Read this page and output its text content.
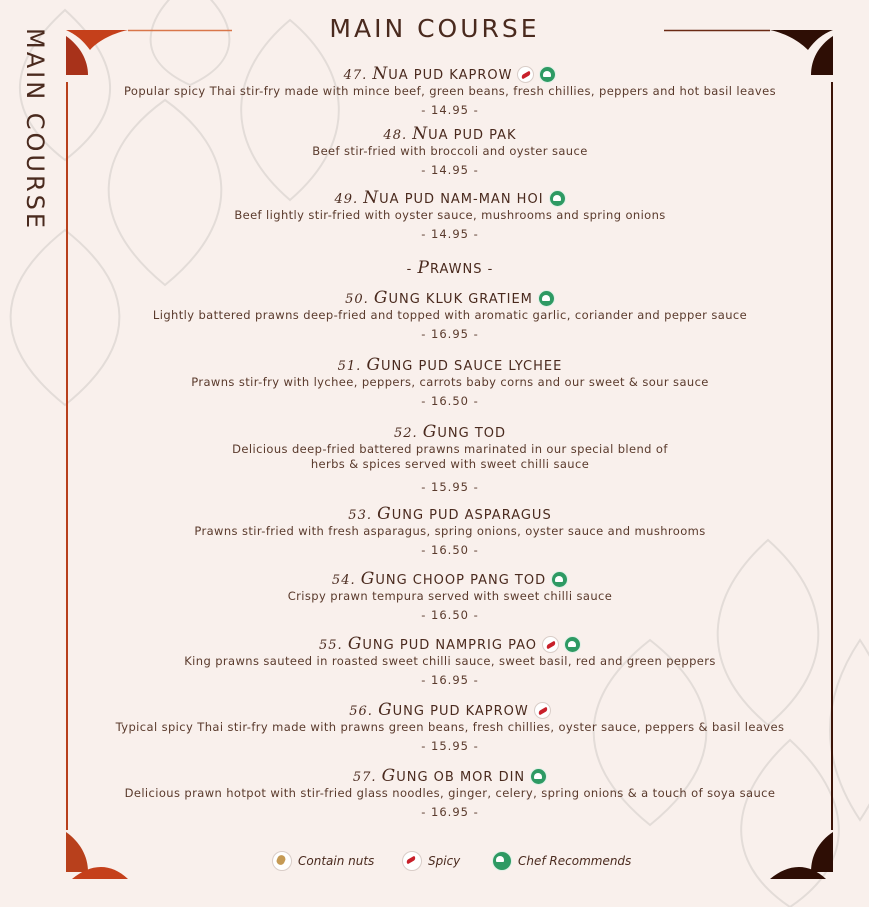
MAIN COURSE	MAIN COURSE
47. NUA PUD KAPROW
Popular spicy Thai stir-fry made with mince beef, green beans, fresh chillies, peppers and hot basil leaves
- 14.95 -
48. NUA PUD PAK
Beef stir-fried with broccoli and oyster sauce
- 14.95 -
49. NUA PUD NAM-MAN HOI
Beef lightly stir-fried with oyster sauce, mushrooms and spring onions
- 14.95 -
50. GUNG KLUK GRATIEM
Lightly battered prawns deep-fried and topped with aromatic garlic, coriander and pepper sauce
- 16.95 -
51. GUNG PUD SAUCE LYCHEE
Prawns stir-fry with lychee, peppers, carrots baby corns and our sweet & sour sauce
- 16.50 -
52. GUNG TOD
Delicious deep-fried battered prawns marinated in our special blend of
herbs & spices served with sweet chilli sauce
- 15.95 -
53. GUNG PUD ASPARAGUS
Prawns stir-fried with fresh asparagus, spring onions, oyster sauce and mushrooms
- 16.50 -
54. GUNG CHOOP PANG TOD
Crispy prawn tempura served with sweet chilli sauce
- 16.50 -
55. GUNG PUD NAMPRIG PAO
King prawns sauteed in roasted sweet chilli sauce, sweet basil, red and green peppers
- 16.95 -
56. GUNG PUD KAPROW
Typical spicy Thai stir-fry made with prawns green beans, fresh chillies, oyster sauce, peppers & basil leaves
- 15.95 -
57. GUNG OB MOR DIN
Delicious prawn hotpot with stir-fried glass noodles, ginger, celery, spring onions & a touch of soya sauce
- 16.95 -
- PRAWNS -
Contain nuts	Spicy	Chef Recommends
